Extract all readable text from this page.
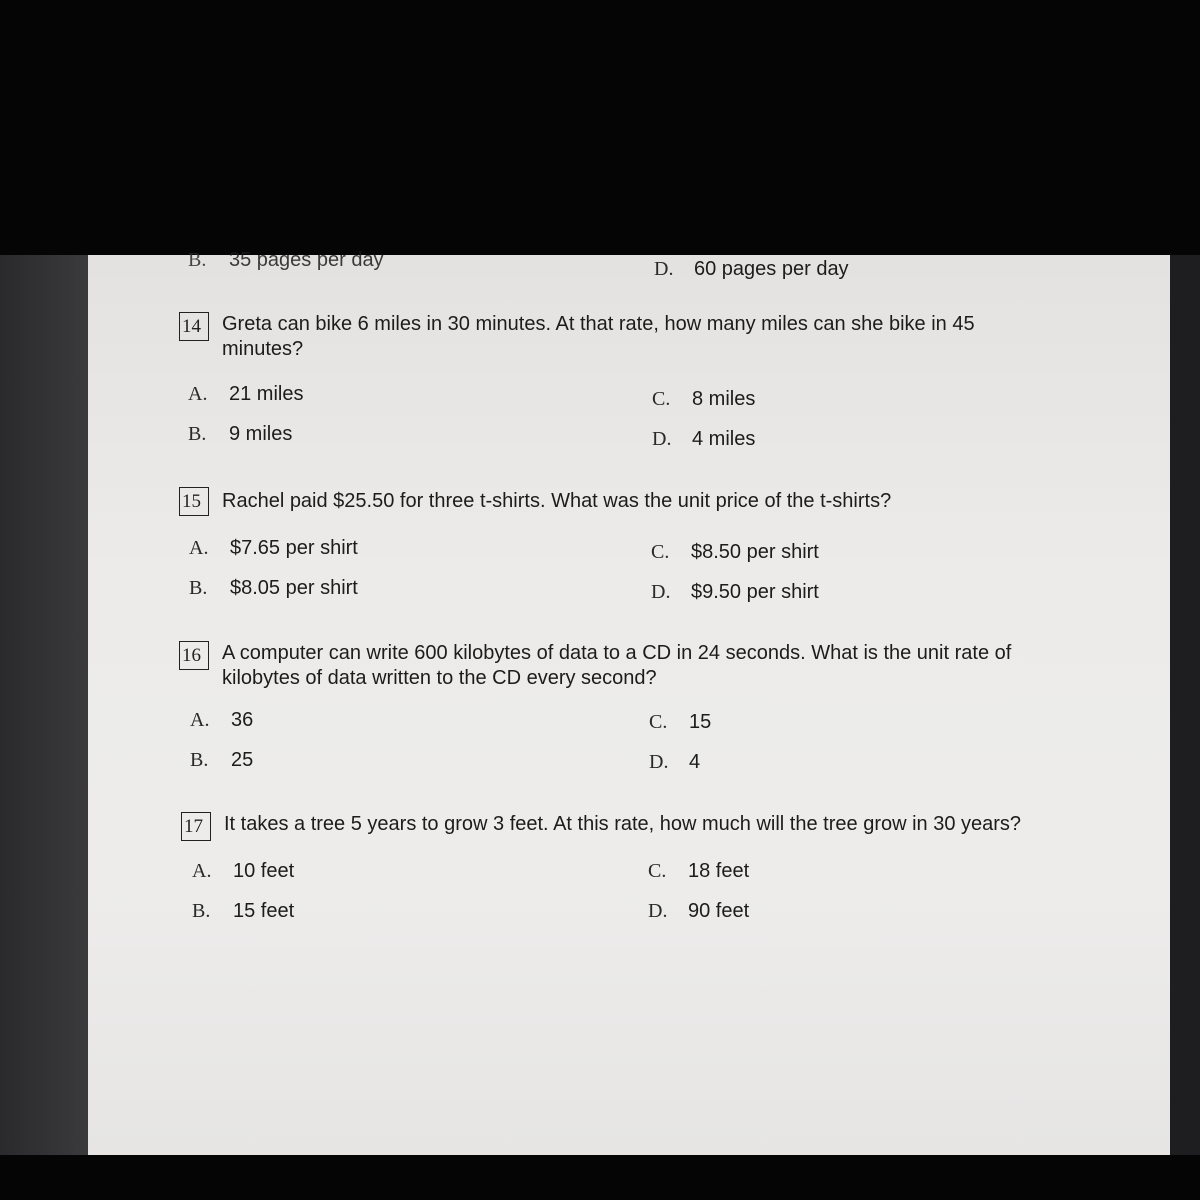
B. 35 pages per day	D. 60 pages per day
14	Greta can bike 6 miles in 30 minutes. At that rate, how many miles can she bike in 45
minutes?
A. 21 miles
B. 9 miles
C. 8 miles
D. 4 miles
15	Rachel paid $25.50 for three t-shirts. What was the unit price of the t-shirts?
A. $7.65 per shirt
B. $8.05 per shirt
C. $8.50 per shirt
D. $9.50 per shirt
16	A computer can write 600 kilobytes of data to a CD in 24 seconds. What is the unit rate of
kilobytes of data written to the CD every second?
A. 36
B. 25
C. 15
D. 4
17	It takes a tree 5 years to grow 3 feet. At this rate, how much will the tree grow in 30 years?
A. 10 feet
B. 15 feet
C. 18 feet
D. 90 feet
